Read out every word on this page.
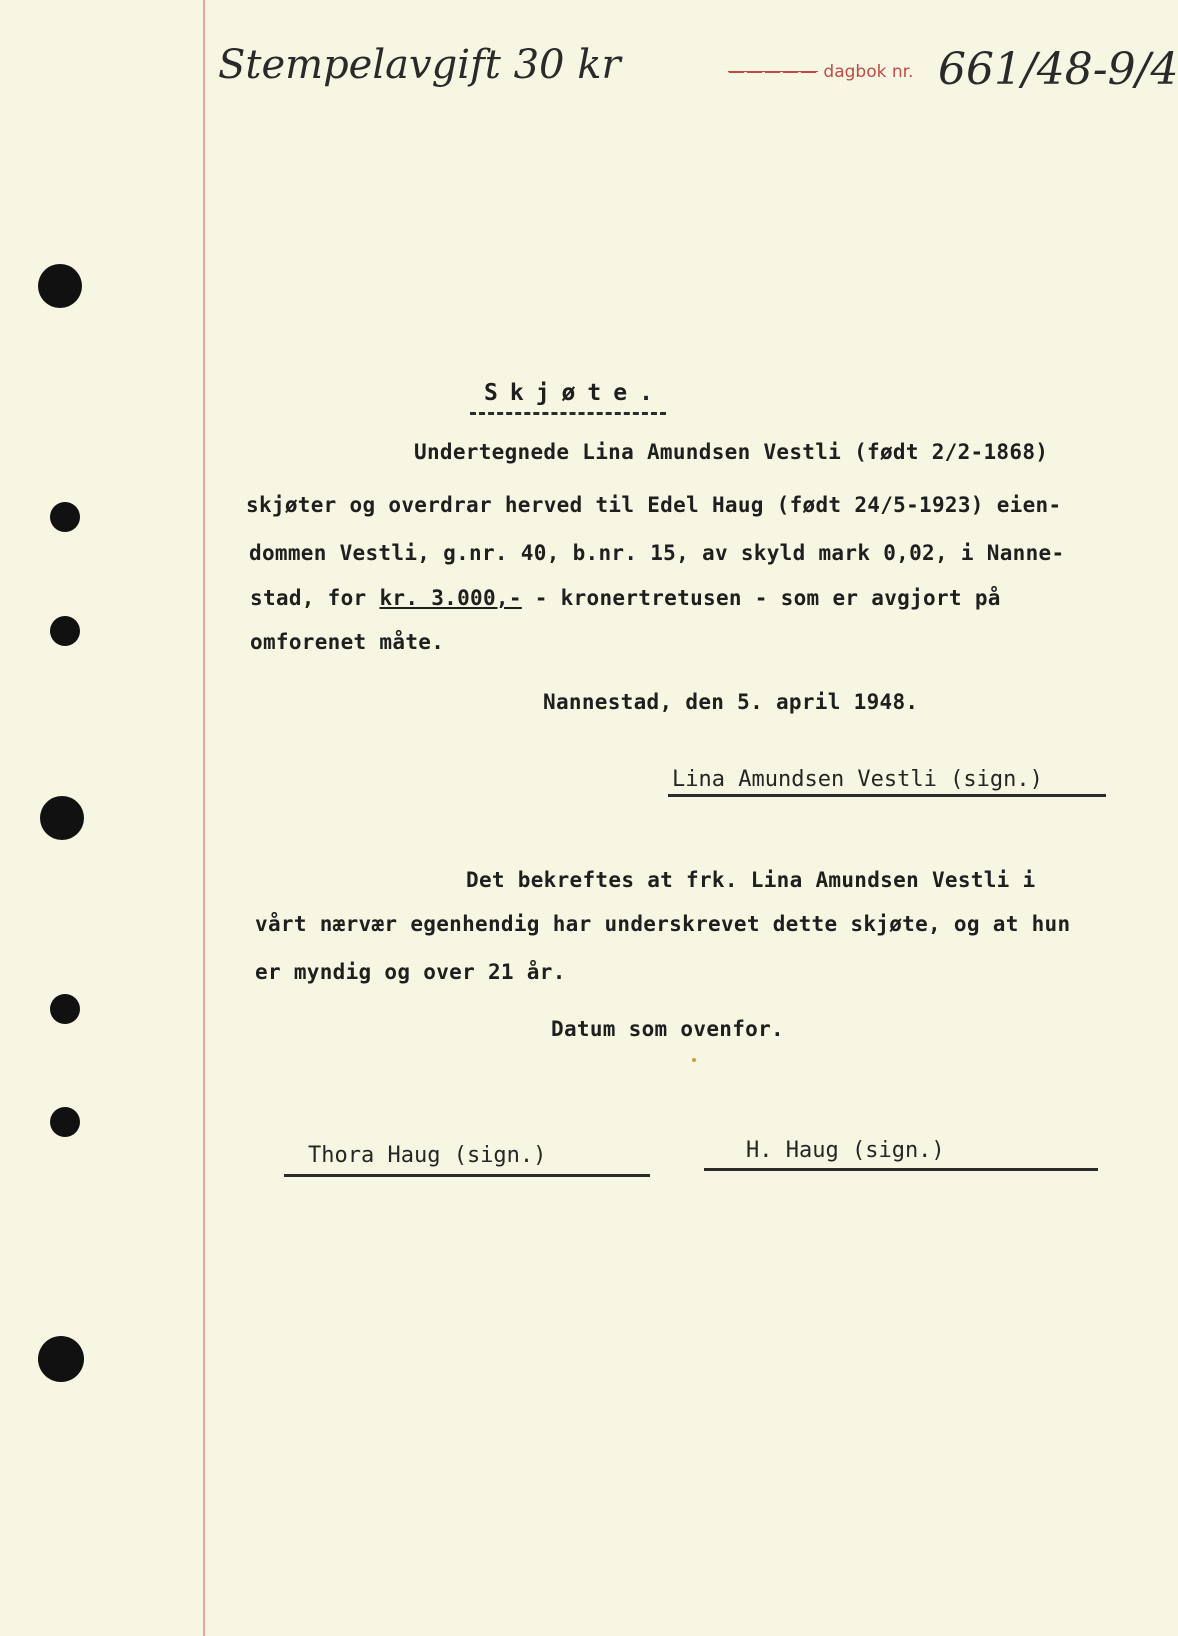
Stempelavgift 30 kr	————— dagbok nr. 661/48-9/4
Skjøte.
Undertegnede Lina Amundsen Vestli (født 2/2-1868)
skjøter og overdrar herved til Edel Haug (født 24/5-1923) eien-
dommen Vestli, g.nr. 40, b.nr. 15, av skyld mark 0,02, i Nanne-
stad, for kr. 3.000,- - kronertretusen - som er avgjort på
omforenet måte.
Nannestad, den 5. april 1948.
Lina Amundsen Vestli (sign.)
Det bekreftes at frk. Lina Amundsen Vestli i
vårt nærvær egenhendig har underskrevet dette skjøte, og at hun
er myndig og over 21 år.
Datum som ovenfor.
Thora Haug (sign.)	H. Haug (sign.)
